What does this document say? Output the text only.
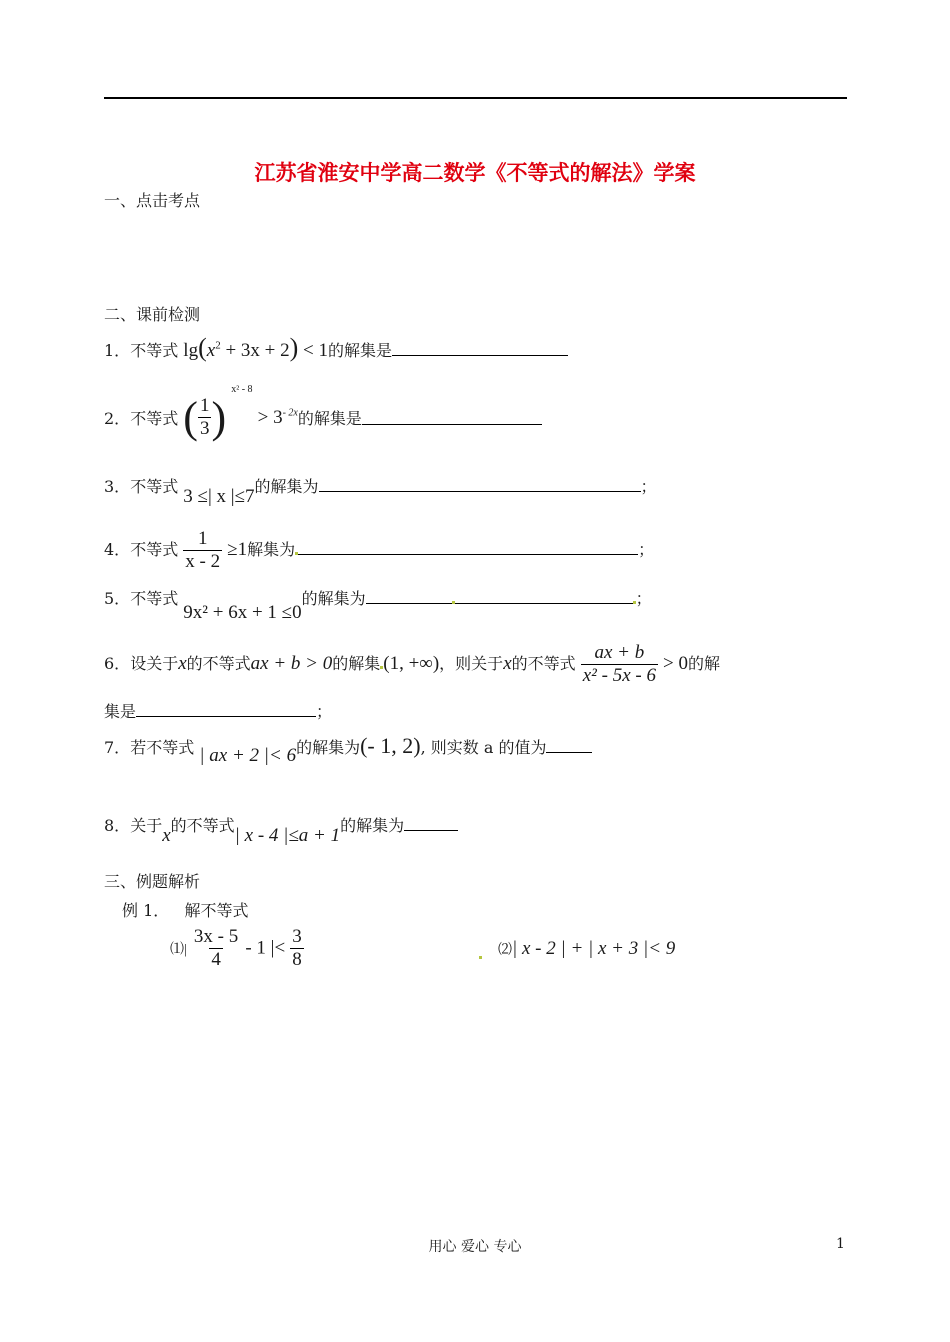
江苏省淮安中学高二数学《不等式的解法》学案
一、点击考点
二、课前检测
1．不等式 $\lg(x^2 + 3x + 2) < 1$的解集是
2．不等式 ( $\frac{1}{3}$ ) $^{x^2 - 8} > 3^{- 2x}$的解集是
3．不等式 3 ≤| x |≤7的解集为	；
4．不等式 $\frac{1}{x - 2} \ge 1$解集为	；
5．不等式 9x² + 6x + 1 ≤0的解集为	；
6．设关于x的不等式ax + b > 0的解集 (1, +∞)，则关于x的不等式 $\frac{ax + b}{\text{x² - 5x - 6}} > 0$的解
集是	；
7．若不等式 | ax + 2 |< 6的解集为(- 1, 2), 则实数 a 的值为
8．关于x的不等式| x - 4 |≤a + 1的解集为
三、例题解析
例 1． 解不等式
⑴| $\frac{3x - 5}{4} - 1$ |< $\frac{3}{8}$	⑵| x - 2 | + | x + 3 |< 9
用心 爱心 专心	1
